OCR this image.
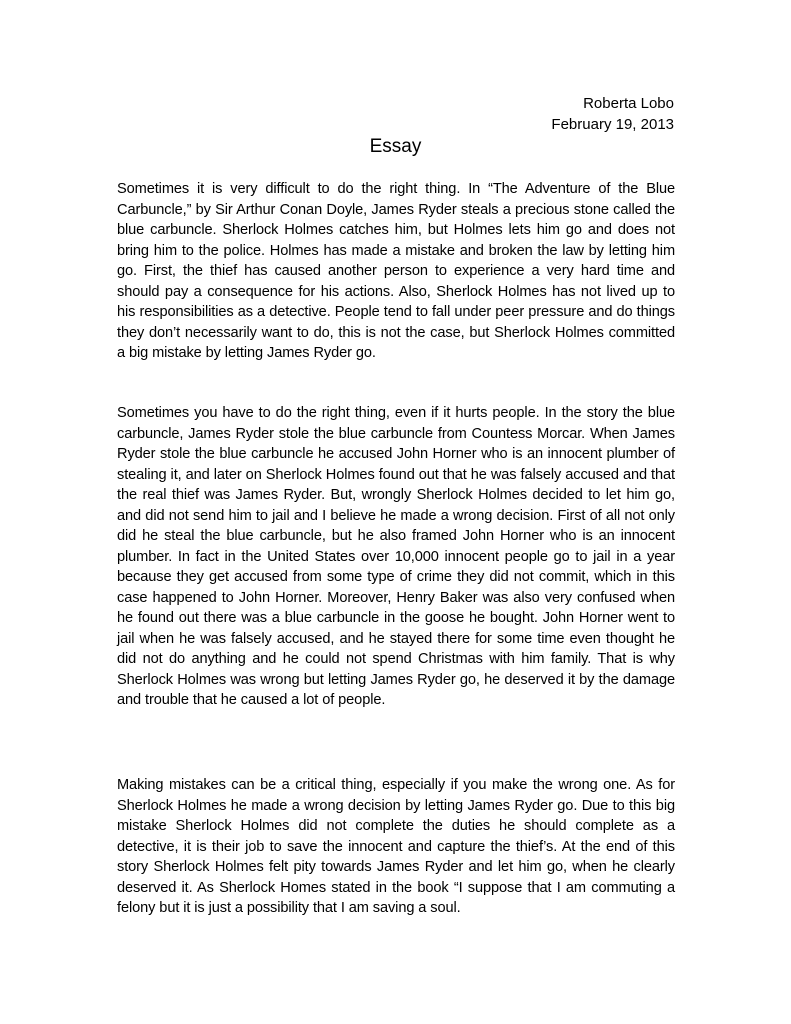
Roberta Lobo
February 19, 2013
Essay

Sometimes it is very difficult to do the right thing. In “The Adventure of the Blue Carbuncle,” by Sir Arthur Conan Doyle, James Ryder steals a precious stone called the blue carbuncle. Sherlock Holmes catches him, but Holmes lets him go and does not bring him to the police. Holmes has made a mistake and broken the law by letting him go. First, the thief has caused another person to experience a very hard time and should pay a consequence for his actions. Also, Sherlock Holmes has not lived up to his responsibilities as a detective. People tend to fall under peer pressure and do things they don’t necessarily want to do, this is not the case, but Sherlock Holmes committed a big mistake by letting James Ryder go.

Sometimes you have to do the right thing, even if it hurts people. In the story the blue carbuncle, James Ryder stole the blue carbuncle from Countess Morcar. When James Ryder stole the blue carbuncle he accused John Horner who is an innocent plumber of stealing it, and later on Sherlock Holmes found out that he was falsely accused and that the real thief was James Ryder. But, wrongly Sherlock Holmes decided to let him go, and did not send him to jail and I believe he made a wrong decision. First of all not only did he steal the blue carbuncle, but he also framed John Horner who is an innocent plumber. In fact in the United States over 10,000 innocent people go to jail in a year because they get accused from some type of crime they did not commit, which in this case happened to John Horner. Moreover, Henry Baker was also very confused when he found out there was a blue carbuncle in the goose he bought. John Horner went to jail when he was falsely accused, and he stayed there for some time even thought he did not do anything and he could not spend Christmas with him family. That is why Sherlock Holmes was wrong but letting James Ryder go, he deserved it by the damage and trouble that he caused a lot of people.

Making mistakes can be a critical thing, especially if you make the wrong one. As for Sherlock Holmes he made a wrong decision by letting James Ryder go. Due to this big mistake Sherlock Holmes did not complete the duties he should complete as a detective, it is their job to save the innocent and capture the thief’s. At the end of this story Sherlock Holmes felt pity towards James Ryder and let him go, when he clearly deserved it. As Sherlock Homes stated in the book “I suppose that I am commuting a felony but it is just a possibility that I am saving a soul.
